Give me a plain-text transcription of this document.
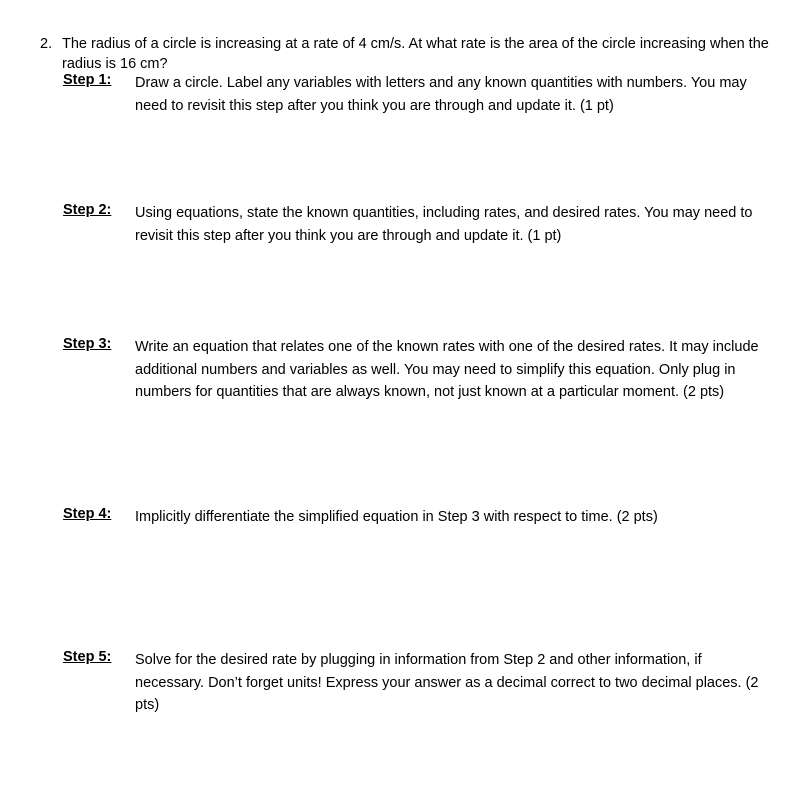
2. The radius of a circle is increasing at a rate of 4 cm/s. At what rate is the area of the circle increasing when the radius is 16 cm?
Step 1: Draw a circle. Label any variables with letters and any known quantities with numbers. You may need to revisit this step after you think you are through and update it. (1 pt)
Step 2: Using equations, state the known quantities, including rates, and desired rates. You may need to revisit this step after you think you are through and update it. (1 pt)
Step 3: Write an equation that relates one of the known rates with one of the desired rates. It may include additional numbers and variables as well. You may need to simplify this equation. Only plug in numbers for quantities that are always known, not just known at a particular moment. (2 pts)
Step 4: Implicitly differentiate the simplified equation in Step 3 with respect to time. (2 pts)
Step 5: Solve for the desired rate by plugging in information from Step 2 and other information, if necessary. Don’t forget units! Express your answer as a decimal correct to two decimal places. (2 pts)
